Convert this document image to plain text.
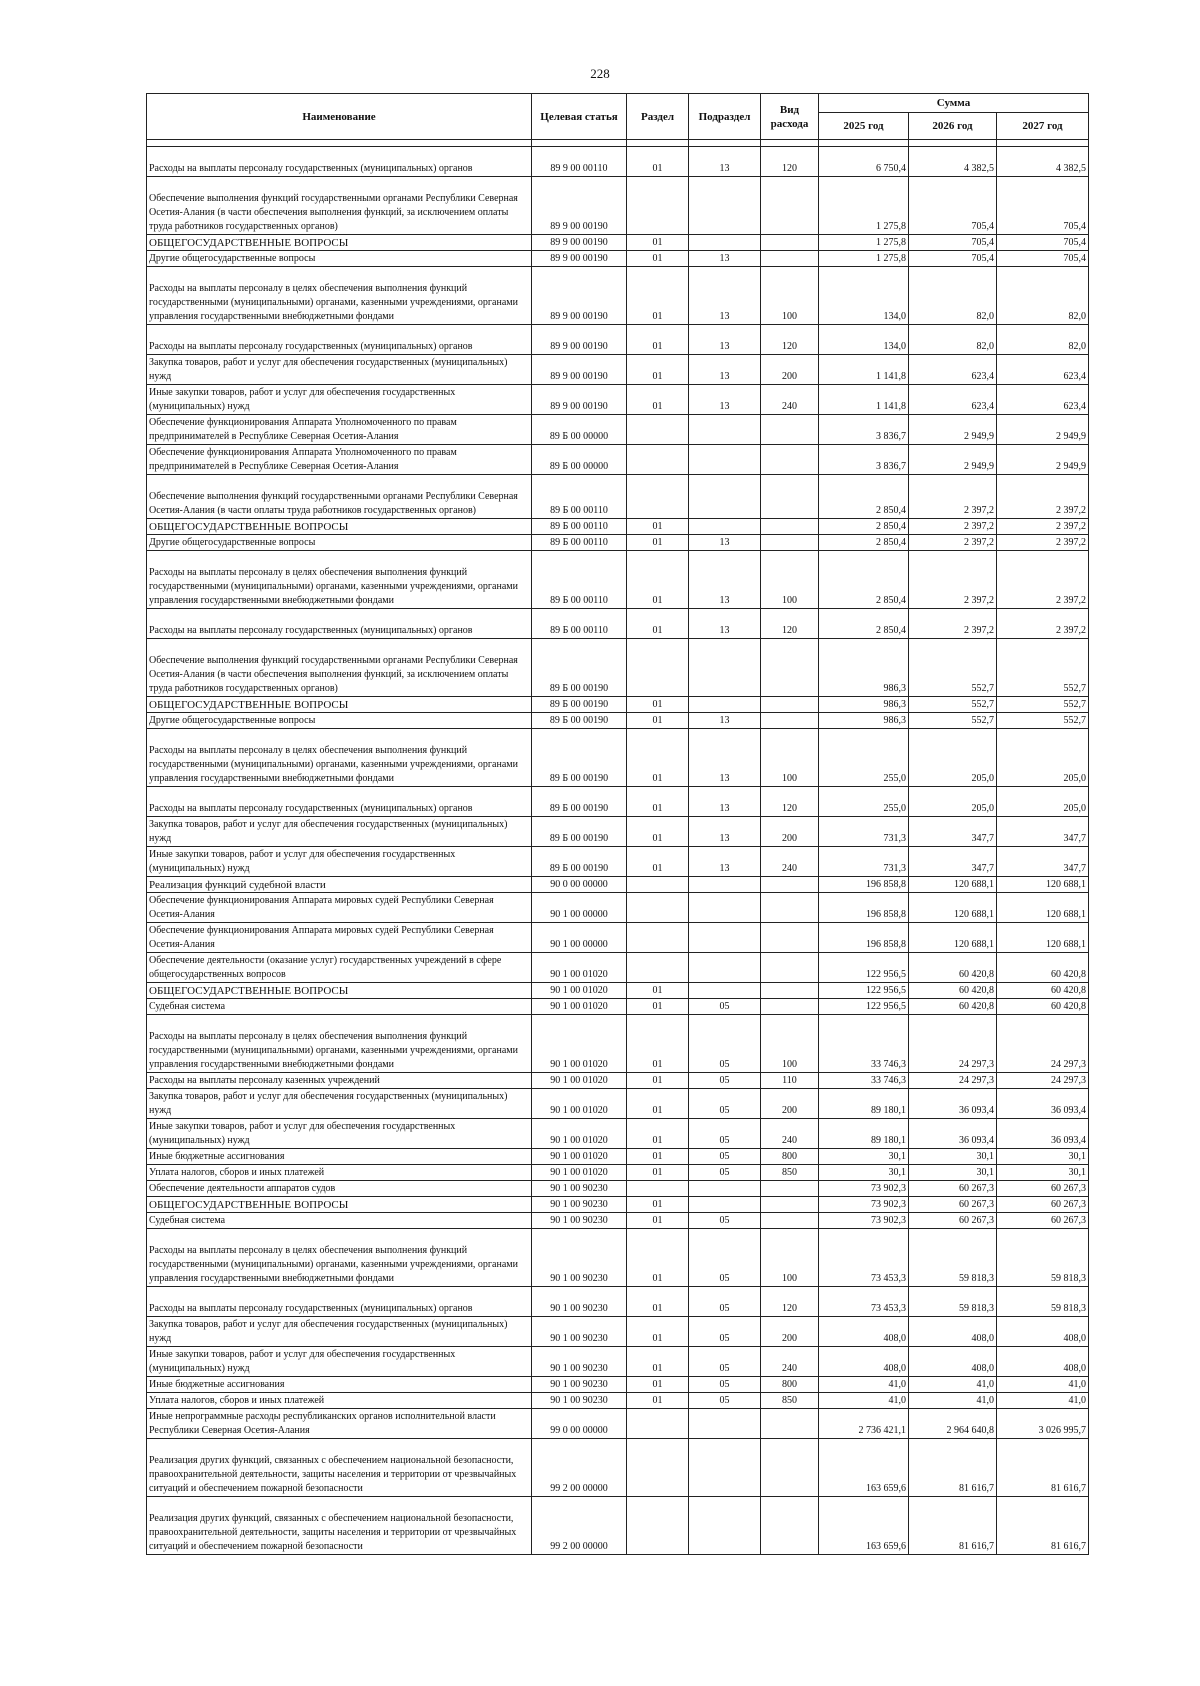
228
Наименование	Целевая статья	Раздел	Подраздел	Вид расхода	Сумма		
					2025 год	2026 год	2027 год

Расходы на выплаты персоналу государственных (муниципальных) органов	89 9 00 00110	01	13	120	6 750,4	4 382,5	4 382,5
Обеспечение выполнения функций государственными органами Республики Северная Осетия-Алания (в части обеспечения выполнения функций, за исключением оплаты труда работников государственных органов)	89 9 00 00190				1 275,8	705,4	705,4
ОБЩЕГОСУДАРСТВЕННЫЕ ВОПРОСЫ	89 9 00 00190	01			1 275,8	705,4	705,4
Другие общегосударственные вопросы	89 9 00 00190	01	13		1 275,8	705,4	705,4
Расходы на выплаты персоналу в целях обеспечения выполнения функций государственными (муниципальными) органами, казенными учреждениями, органами управления государственными внебюджетными фондами	89 9 00 00190	01	13	100	134,0	82,0	82,0
Расходы на выплаты персоналу государственных (муниципальных) органов	89 9 00 00190	01	13	120	134,0	82,0	82,0
Закупка товаров, работ и услуг для обеспечения государственных (муниципальных) нужд	89 9 00 00190	01	13	200	1 141,8	623,4	623,4
Иные закупки товаров, работ и услуг для обеспечения государственных (муниципальных) нужд	89 9 00 00190	01	13	240	1 141,8	623,4	623,4
Обеспечение функционирования Аппарата Уполномоченного по правам предпринимателей в Республике Северная Осетия-Алания	89 Б 00 00000				3 836,7	2 949,9	2 949,9
Обеспечение функционирования Аппарата Уполномоченного по правам предпринимателей в Республике Северная Осетия-Алания	89 Б 00 00000				3 836,7	2 949,9	2 949,9
Обеспечение выполнения функций государственными органами Республики Северная Осетия-Алания (в части оплаты труда работников государственных органов)	89 Б 00 00110				2 850,4	2 397,2	2 397,2
ОБЩЕГОСУДАРСТВЕННЫЕ ВОПРОСЫ	89 Б 00 00110	01			2 850,4	2 397,2	2 397,2
Другие общегосударственные вопросы	89 Б 00 00110	01	13		2 850,4	2 397,2	2 397,2
Расходы на выплаты персоналу в целях обеспечения выполнения функций государственными (муниципальными) органами, казенными учреждениями, органами управления государственными внебюджетными фондами	89 Б 00 00110	01	13	100	2 850,4	2 397,2	2 397,2
Расходы на выплаты персоналу государственных (муниципальных) органов	89 Б 00 00110	01	13	120	2 850,4	2 397,2	2 397,2
Обеспечение выполнения функций государственными органами Республики Северная Осетия-Алания (в части обеспечения выполнения функций, за исключением оплаты труда работников государственных органов)	89 Б 00 00190				986,3	552,7	552,7
ОБЩЕГОСУДАРСТВЕННЫЕ ВОПРОСЫ	89 Б 00 00190	01			986,3	552,7	552,7
Другие общегосударственные вопросы	89 Б 00 00190	01	13		986,3	552,7	552,7
Расходы на выплаты персоналу в целях обеспечения выполнения функций государственными (муниципальными) органами, казенными учреждениями, органами управления государственными внебюджетными фондами	89 Б 00 00190	01	13	100	255,0	205,0	205,0
Расходы на выплаты персоналу государственных (муниципальных) органов	89 Б 00 00190	01	13	120	255,0	205,0	205,0
Закупка товаров, работ и услуг для обеспечения государственных (муниципальных) нужд	89 Б 00 00190	01	13	200	731,3	347,7	347,7
Иные закупки товаров, работ и услуг для обеспечения государственных (муниципальных) нужд	89 Б 00 00190	01	13	240	731,3	347,7	347,7
Реализация функций судебной власти	90 0 00 00000				196 858,8	120 688,1	120 688,1
Обеспечение функционирования Аппарата мировых судей Республики Северная Осетия-Алания	90 1 00 00000				196 858,8	120 688,1	120 688,1
Обеспечение функционирования Аппарата мировых судей Республики Северная Осетия-Алания	90 1 00 00000				196 858,8	120 688,1	120 688,1
Обеспечение деятельности (оказание услуг) государственных учреждений в сфере общегосударственных вопросов	90 1 00 01020				122 956,5	60 420,8	60 420,8
ОБЩЕГОСУДАРСТВЕННЫЕ ВОПРОСЫ	90 1 00 01020	01			122 956,5	60 420,8	60 420,8
Судебная система	90 1 00 01020	01	05		122 956,5	60 420,8	60 420,8
Расходы на выплаты персоналу в целях обеспечения выполнения функций государственными (муниципальными) органами, казенными учреждениями, органами управления государственными внебюджетными фондами	90 1 00 01020	01	05	100	33 746,3	24 297,3	24 297,3
Расходы на выплаты персоналу казенных учреждений	90 1 00 01020	01	05	110	33 746,3	24 297,3	24 297,3
Закупка товаров, работ и услуг для обеспечения государственных (муниципальных) нужд	90 1 00 01020	01	05	200	89 180,1	36 093,4	36 093,4
Иные закупки товаров, работ и услуг для обеспечения государственных (муниципальных) нужд	90 1 00 01020	01	05	240	89 180,1	36 093,4	36 093,4
Иные бюджетные ассигнования	90 1 00 01020	01	05	800	30,1	30,1	30,1
Уплата налогов, сборов и иных платежей	90 1 00 01020	01	05	850	30,1	30,1	30,1
Обеспечение деятельности аппаратов судов	90 1 00 90230				73 902,3	60 267,3	60 267,3
ОБЩЕГОСУДАРСТВЕННЫЕ ВОПРОСЫ	90 1 00 90230	01			73 902,3	60 267,3	60 267,3
Судебная система	90 1 00 90230	01	05		73 902,3	60 267,3	60 267,3
Расходы на выплаты персоналу в целях обеспечения выполнения функций государственными (муниципальными) органами, казенными учреждениями, органами управления государственными внебюджетными фондами	90 1 00 90230	01	05	100	73 453,3	59 818,3	59 818,3
Расходы на выплаты персоналу государственных (муниципальных) органов	90 1 00 90230	01	05	120	73 453,3	59 818,3	59 818,3
Закупка товаров, работ и услуг для обеспечения государственных (муниципальных) нужд	90 1 00 90230	01	05	200	408,0	408,0	408,0
Иные закупки товаров, работ и услуг для обеспечения государственных (муниципальных) нужд	90 1 00 90230	01	05	240	408,0	408,0	408,0
Иные бюджетные ассигнования	90 1 00 90230	01	05	800	41,0	41,0	41,0
Уплата налогов, сборов и иных платежей	90 1 00 90230	01	05	850	41,0	41,0	41,0
Иные непрограммные расходы республиканских органов исполнительной власти Республики Северная Осетия-Алания	99 0 00 00000				2 736 421,1	2 964 640,8	3 026 995,7
Реализация других функций, связанных с обеспечением национальной безопасности, правоохранительной деятельности, защиты населения и территории от чрезвычайных ситуаций и обеспечением пожарной безопасности	99 2 00 00000				163 659,6	81 616,7	81 616,7
Реализация других функций, связанных с обеспечением национальной безопасности, правоохранительной деятельности, защиты населения и территории от чрезвычайных ситуаций и обеспечением пожарной безопасности	99 2 00 00000				163 659,6	81 616,7	81 616,7
